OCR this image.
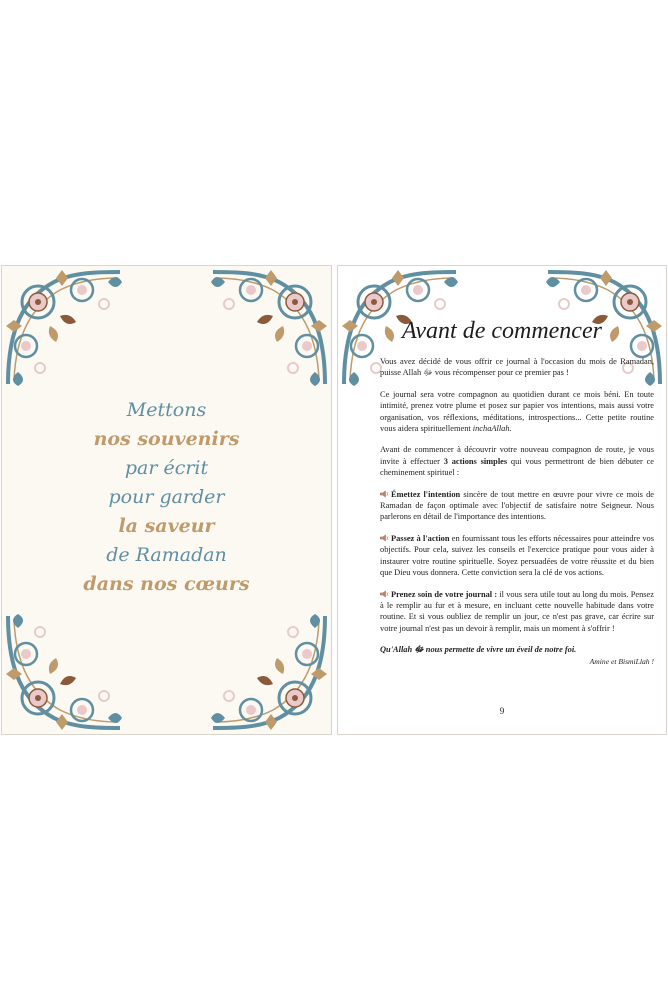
Mettons
nos souvenirs
par écrit
pour garder
la saveur
de Ramadan
dans nos cœurs
Avant de commencer

Vous avez décidé de vous offrir ce journal à l'occasion du mois de Ramadan, puisse Allah ﷻ vous récompenser pour ce premier pas !

Ce journal sera votre compagnon au quotidien durant ce mois béni. En toute intimité, prenez votre plume et posez sur papier vos intentions, mais aussi votre organisation, vos réflexions, méditations, introspections... Cette petite routine vous aidera spirituellement inchaAllah.

Avant de commencer à découvrir votre nouveau compagnon de route, je vous invite à effectuer 3 actions simples qui vous permettront de bien débuter ce cheminement spirituel :

Émettez l'intention sincère de tout mettre en œuvre pour vivre ce mois de Ramadan de façon optimale avec l'objectif de satisfaire notre Seigneur. Nous parlerons en détail de l'importance des intentions.

Passez à l'action en fournissant tous les efforts nécessaires pour atteindre vos objectifs. Pour cela, suivez les conseils et l'exercice pratique pour vous aider à instaurer votre routine spirituelle. Soyez persuadées de votre réussite et du bien que Dieu vous donnera. Cette conviction sera la clé de vos actions.

Prenez soin de votre journal : il vous sera utile tout au long du mois. Pensez à le remplir au fur et à mesure, en incluant cette nouvelle habitude dans votre routine. Et si vous oubliez de remplir un jour, ce n'est pas grave, car écrire sur votre journal n'est pas un devoir à remplir, mais un moment à s'offrir !

Qu'Allah ﷻ nous permette de vivre un éveil de notre foi.
Amine et BismiLlah !
9
